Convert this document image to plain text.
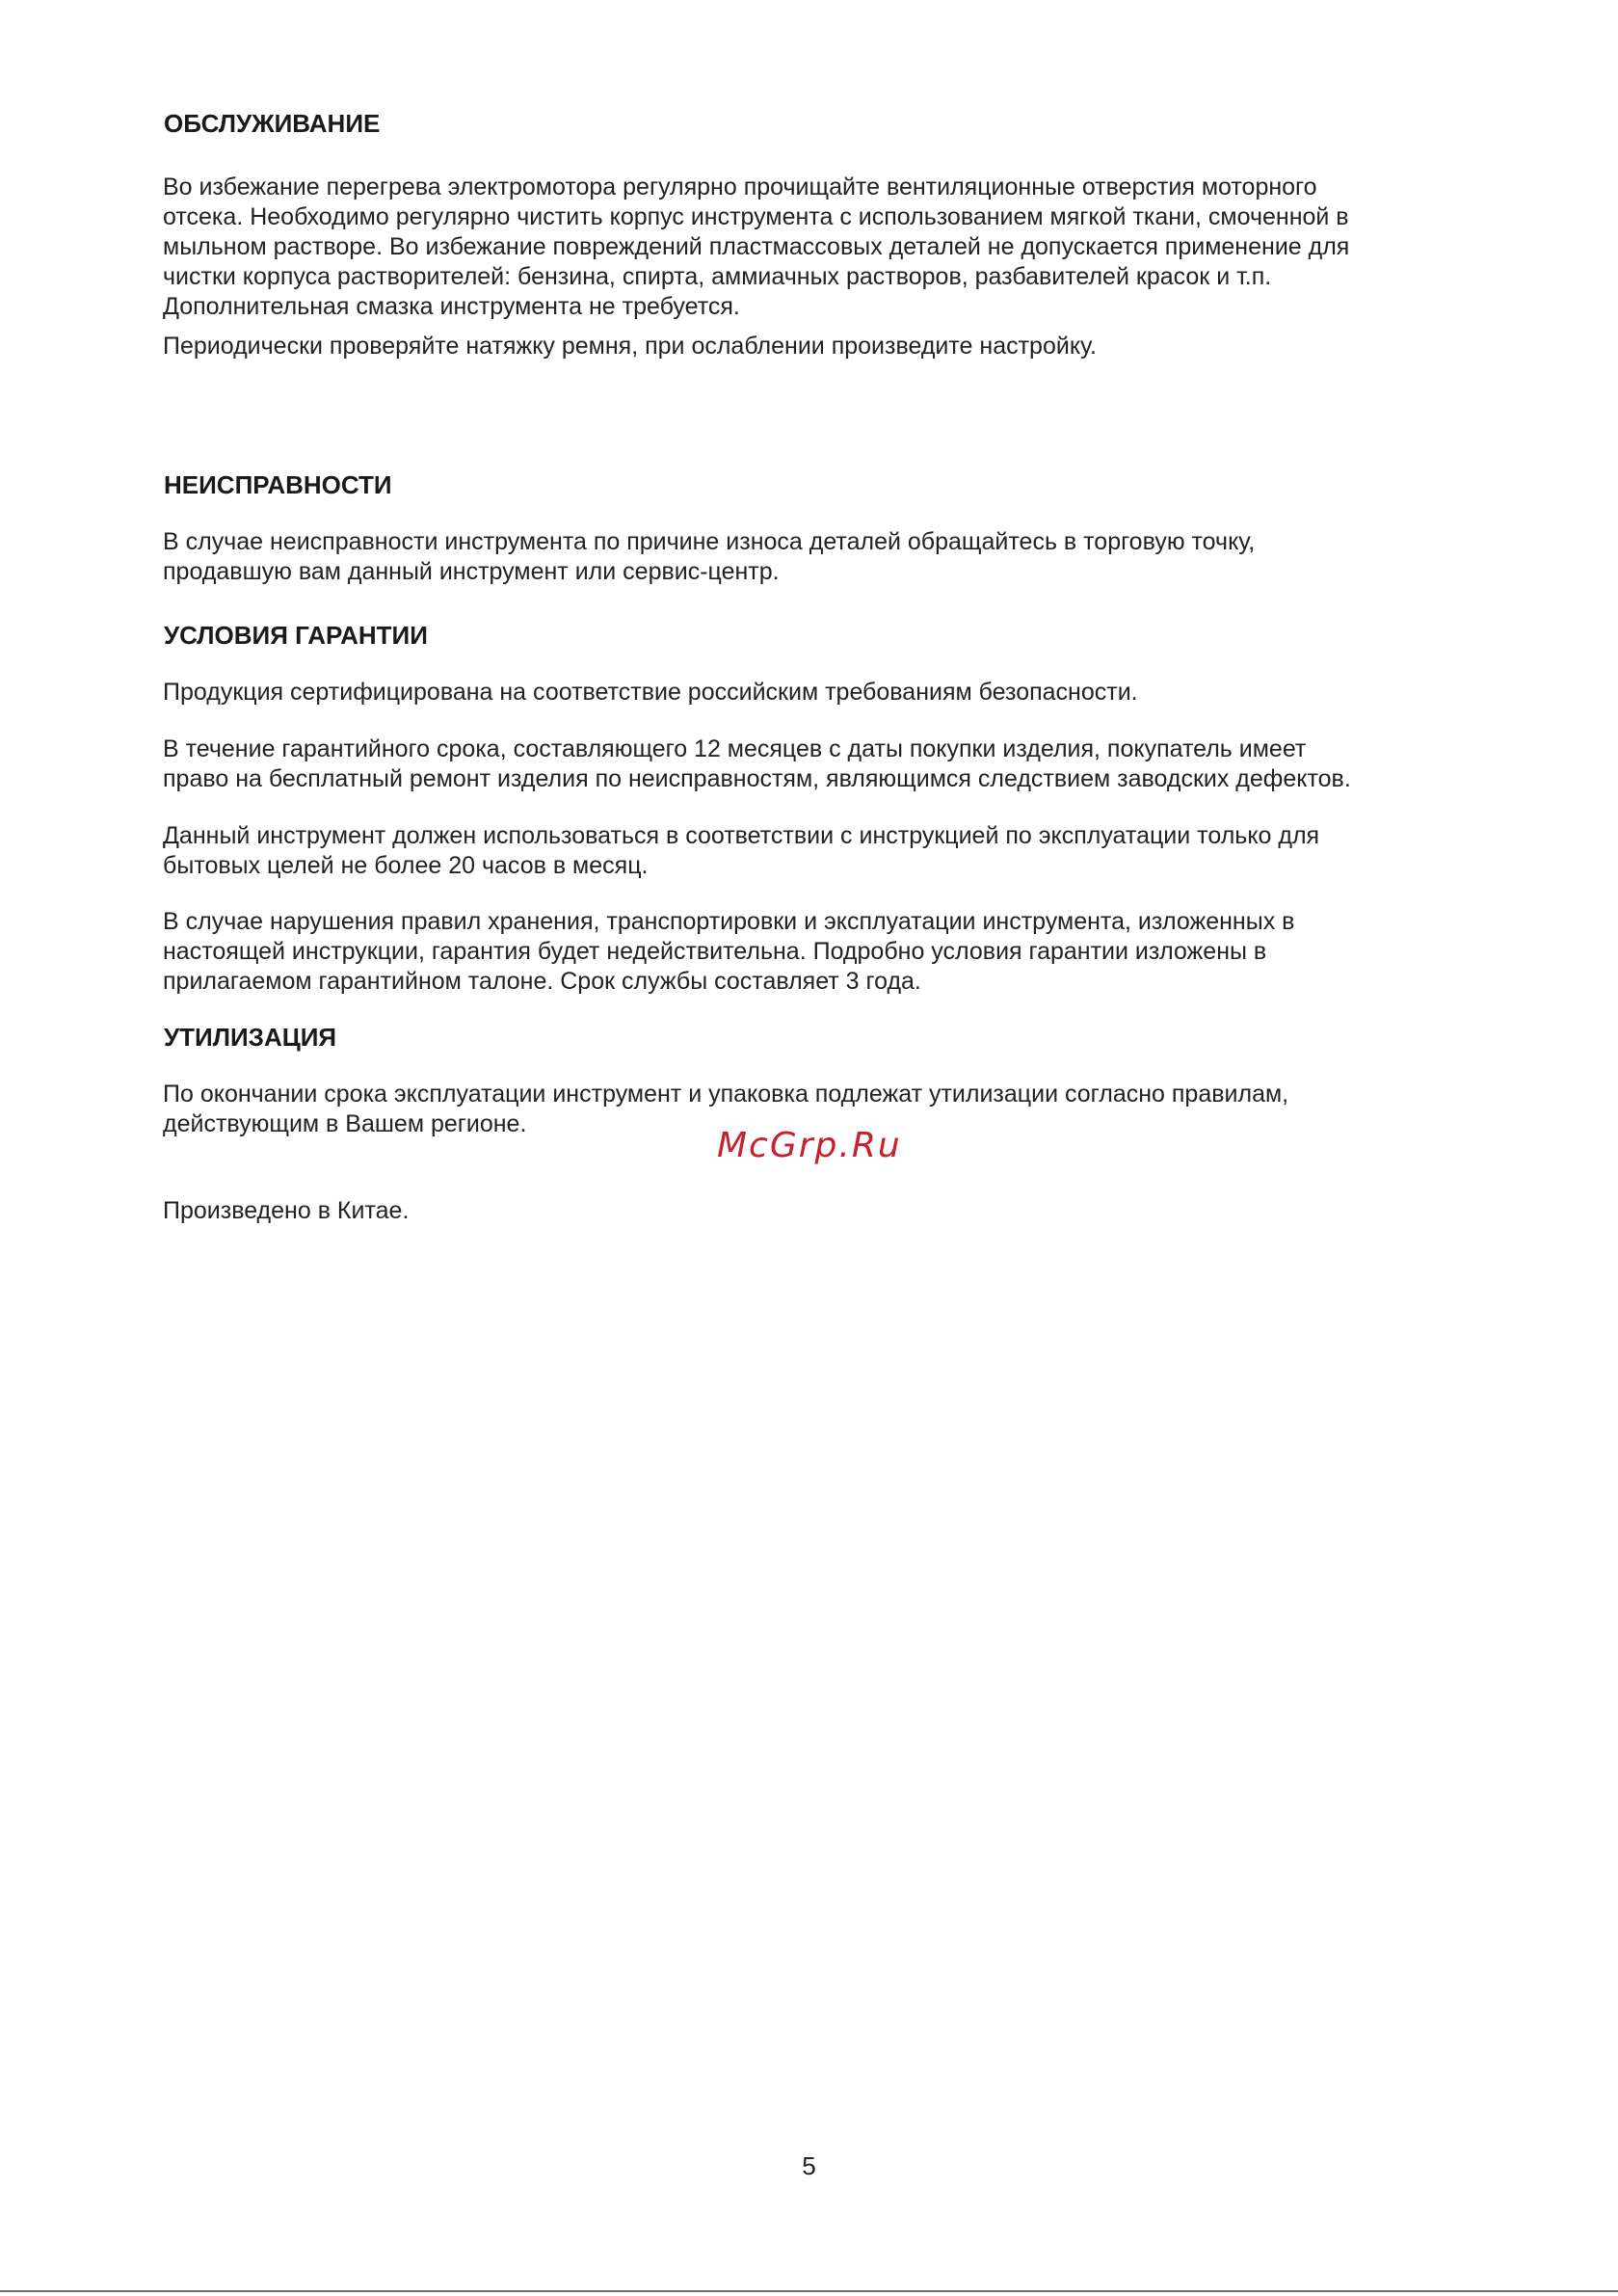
ОБСЛУЖИВАНИЕ
Во избежание перегрева электромотора регулярно прочищайте вентиляционные отверстия моторного
отсека. Необходимо регулярно чистить корпус инструмента с использованием мягкой ткани, смоченной в
мыльном растворе. Во избежание повреждений пластмассовых деталей не допускается применение для
чистки корпуса растворителей: бензина, спирта, аммиачных растворов, разбавителей красок и т.п.
Дополнительная смазка инструмента не требуется.
Периодически проверяйте натяжку ремня, при ослаблении произведите настройку.
НЕИСПРАВНОСТИ
В случае неисправности инструмента по причине износа деталей обращайтесь в торговую точку,
продавшую вам данный инструмент или сервис-центр.
УСЛОВИЯ ГАРАНТИИ
Продукция сертифицирована на соответствие российским требованиям безопасности.
В течение гарантийного срока, составляющего 12 месяцев с даты покупки изделия, покупатель имеет
право на бесплатный ремонт изделия по неисправностям, являющимся следствием заводских дефектов.
Данный инструмент должен использоваться в соответствии с инструкцией по эксплуатации только для
бытовых целей не более 20 часов в месяц.
В случае нарушения правил хранения, транспортировки и эксплуатации инструмента, изложенных в
настоящей инструкции, гарантия будет недействительна. Подробно условия гарантии изложены в
прилагаемом гарантийном талоне. Срок службы составляет 3 года.
УТИЛИЗАЦИЯ
По окончании срока эксплуатации инструмент и упаковка подлежат утилизации согласно правилам,
действующим в Вашем регионе.
McGrp.Ru
Произведено в Китае.
5
